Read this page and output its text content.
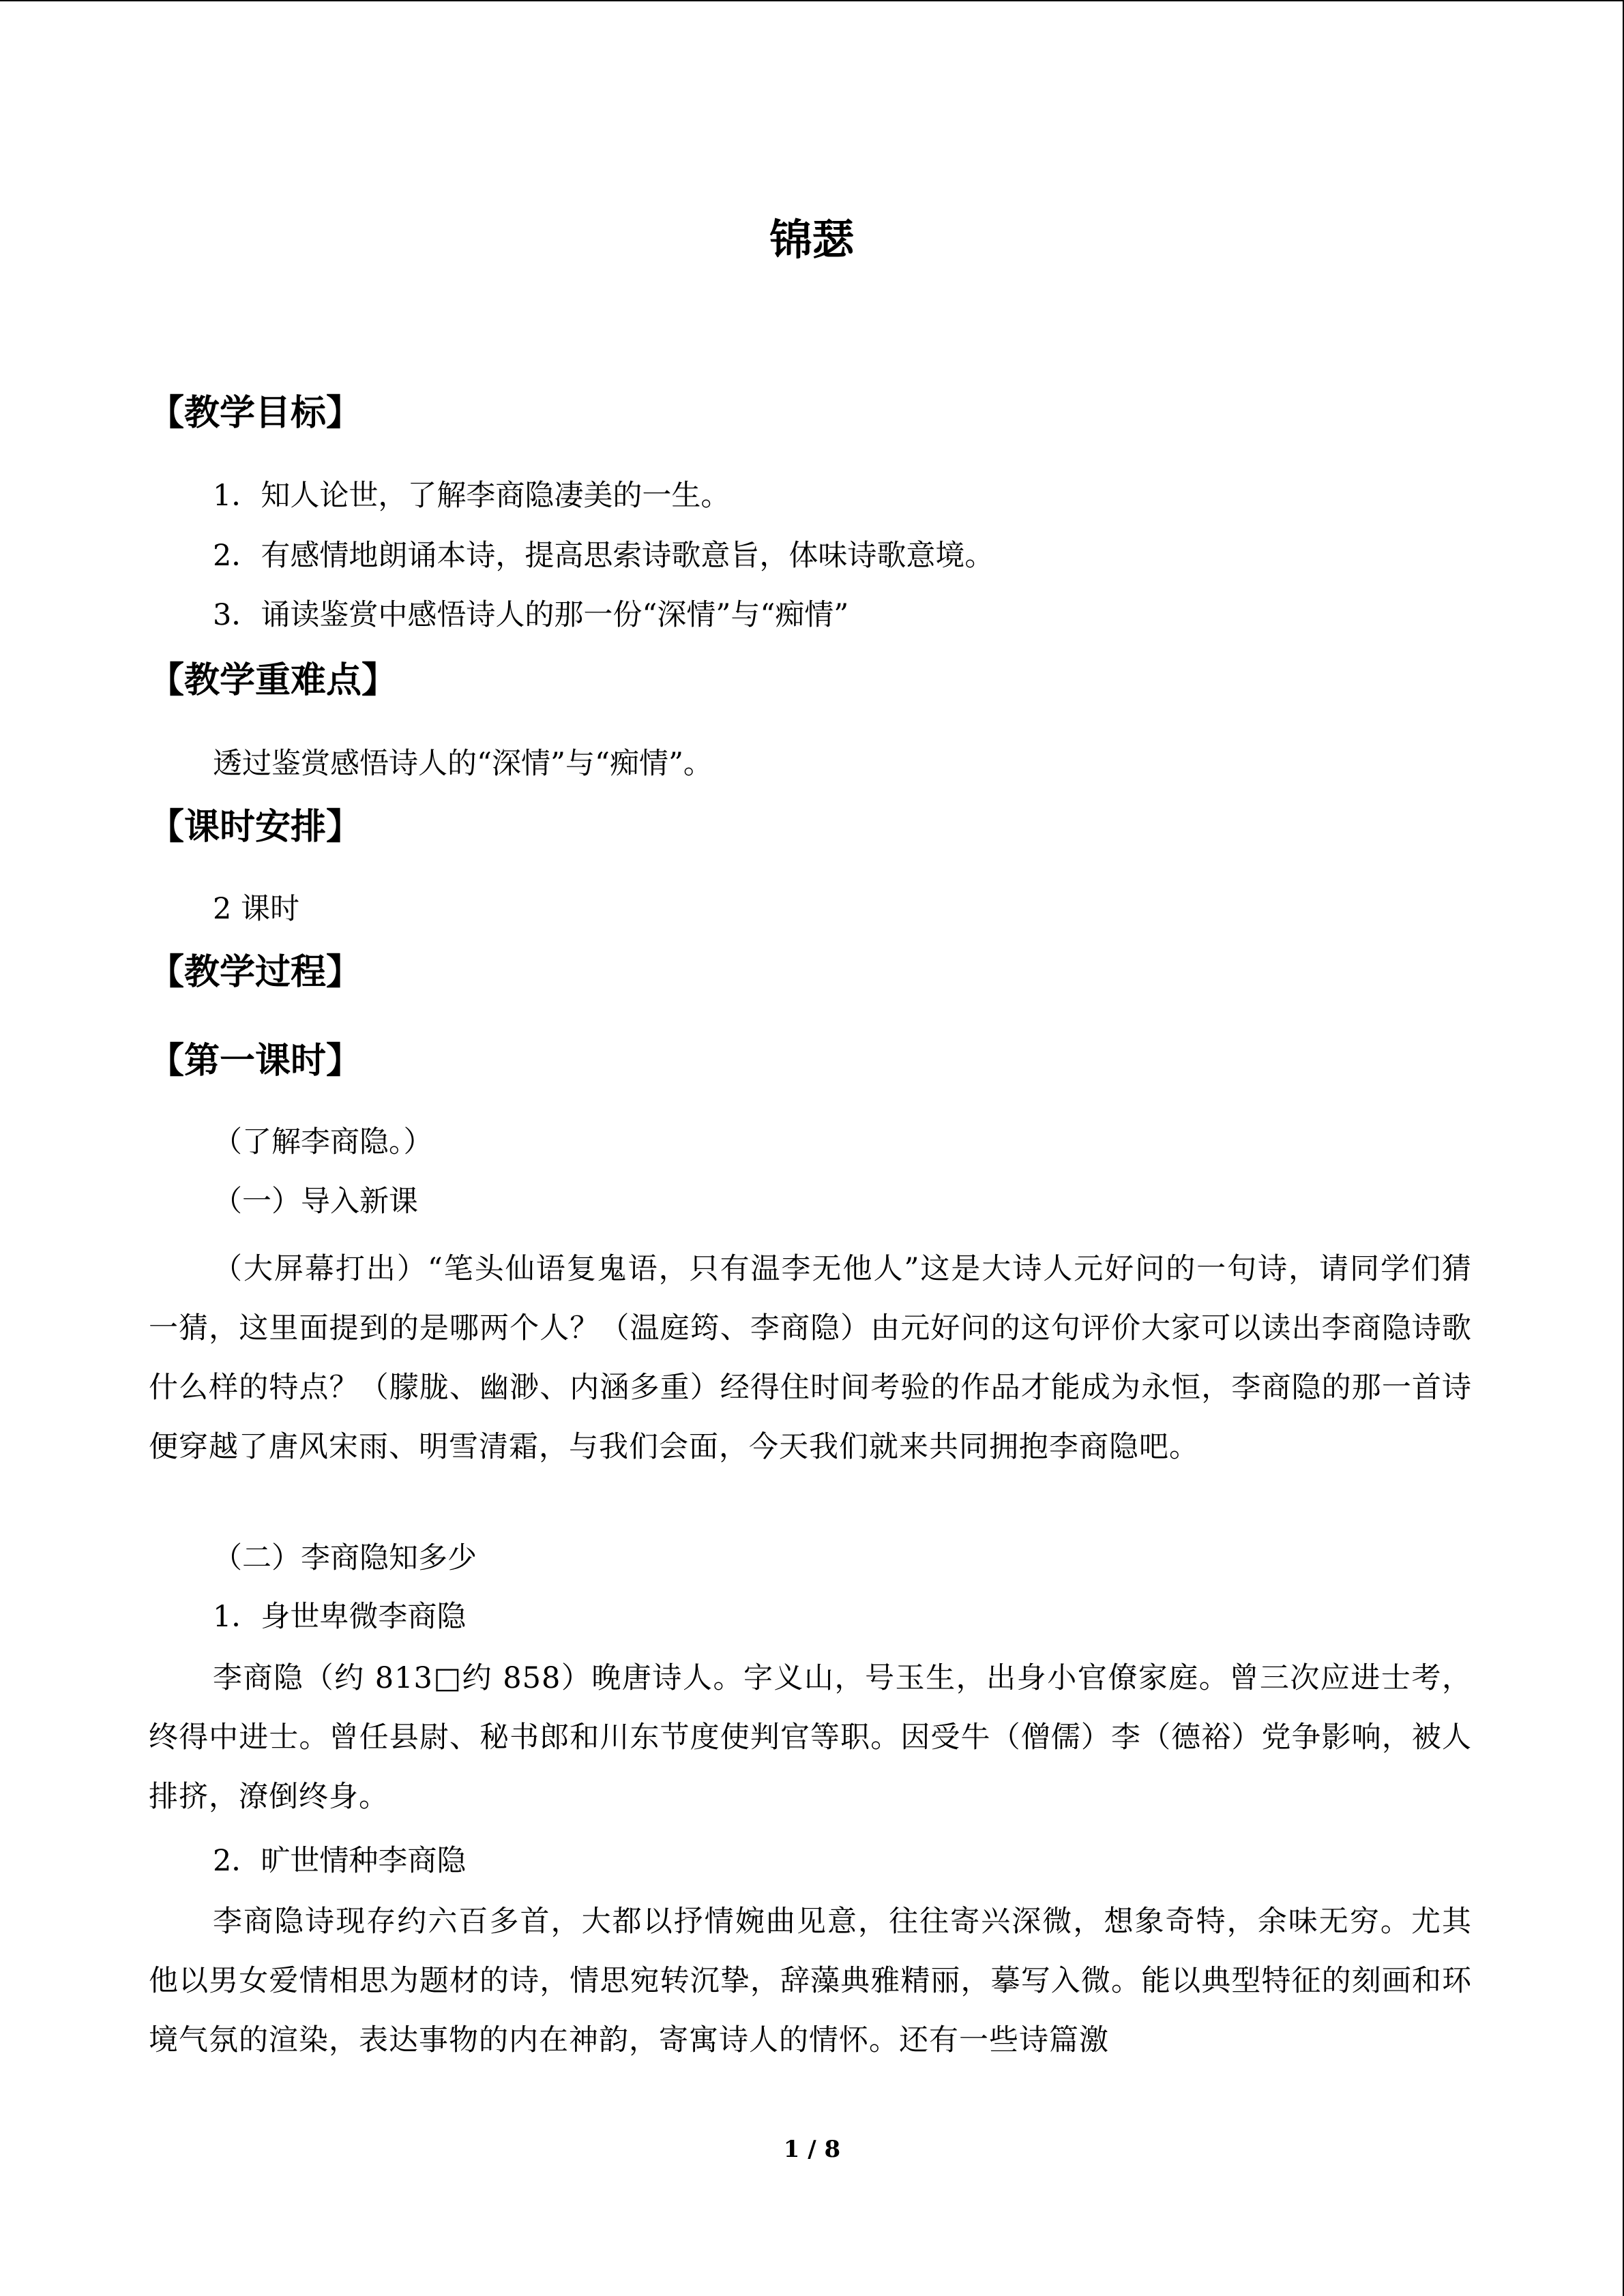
锦瑟
【教学目标】
1．知人论世，了解李商隐凄美的一生。
2．有感情地朗诵本诗，提高思索诗歌意旨，体味诗歌意境。
3．诵读鉴赏中感悟诗人的那一份“深情”与“痴情”
【教学重难点】
透过鉴赏感悟诗人的“深情”与“痴情”。
【课时安排】
2 课时
【教学过程】
【第一课时】
（了解李商隐。）
（一）导入新课
（大屏幕打出）“笔头仙语复鬼语，只有温李无他人”这是大诗人元好问的一句诗，请同学们猜一猜，这里面提到的是哪两个人？（温庭筠、李商隐）由元好问的这句评价大家可以读出李商隐诗歌什么样的特点？（朦胧、幽渺、内涵多重）经得住时间考验的作品才能成为永恒，李商隐的那一首诗便穿越了唐风宋雨、明雪清霜，与我们会面，今天我们就来共同拥抱李商隐吧。
（二）李商隐知多少
1．身世卑微李商隐
李商隐（约 813□约 858）晚唐诗人。字义山，号玉生，出身小官僚家庭。曾三次应进士考，终得中进士。曾任县尉、秘书郎和川东节度使判官等职。因受牛（僧儒）李（德裕）党争影响，被人排挤，潦倒终身。
2．旷世情种李商隐
李商隐诗现存约六百多首，大都以抒情婉曲见意，往往寄兴深微，想象奇特，余味无穷。尤其他以男女爱情相思为题材的诗，情思宛转沉挚，辞藻典雅精丽，摹写入微。能以典型特征的刻画和环境气氛的渲染，表达事物的内在神韵，寄寓诗人的情怀。还有一些诗篇激
1 / 8
